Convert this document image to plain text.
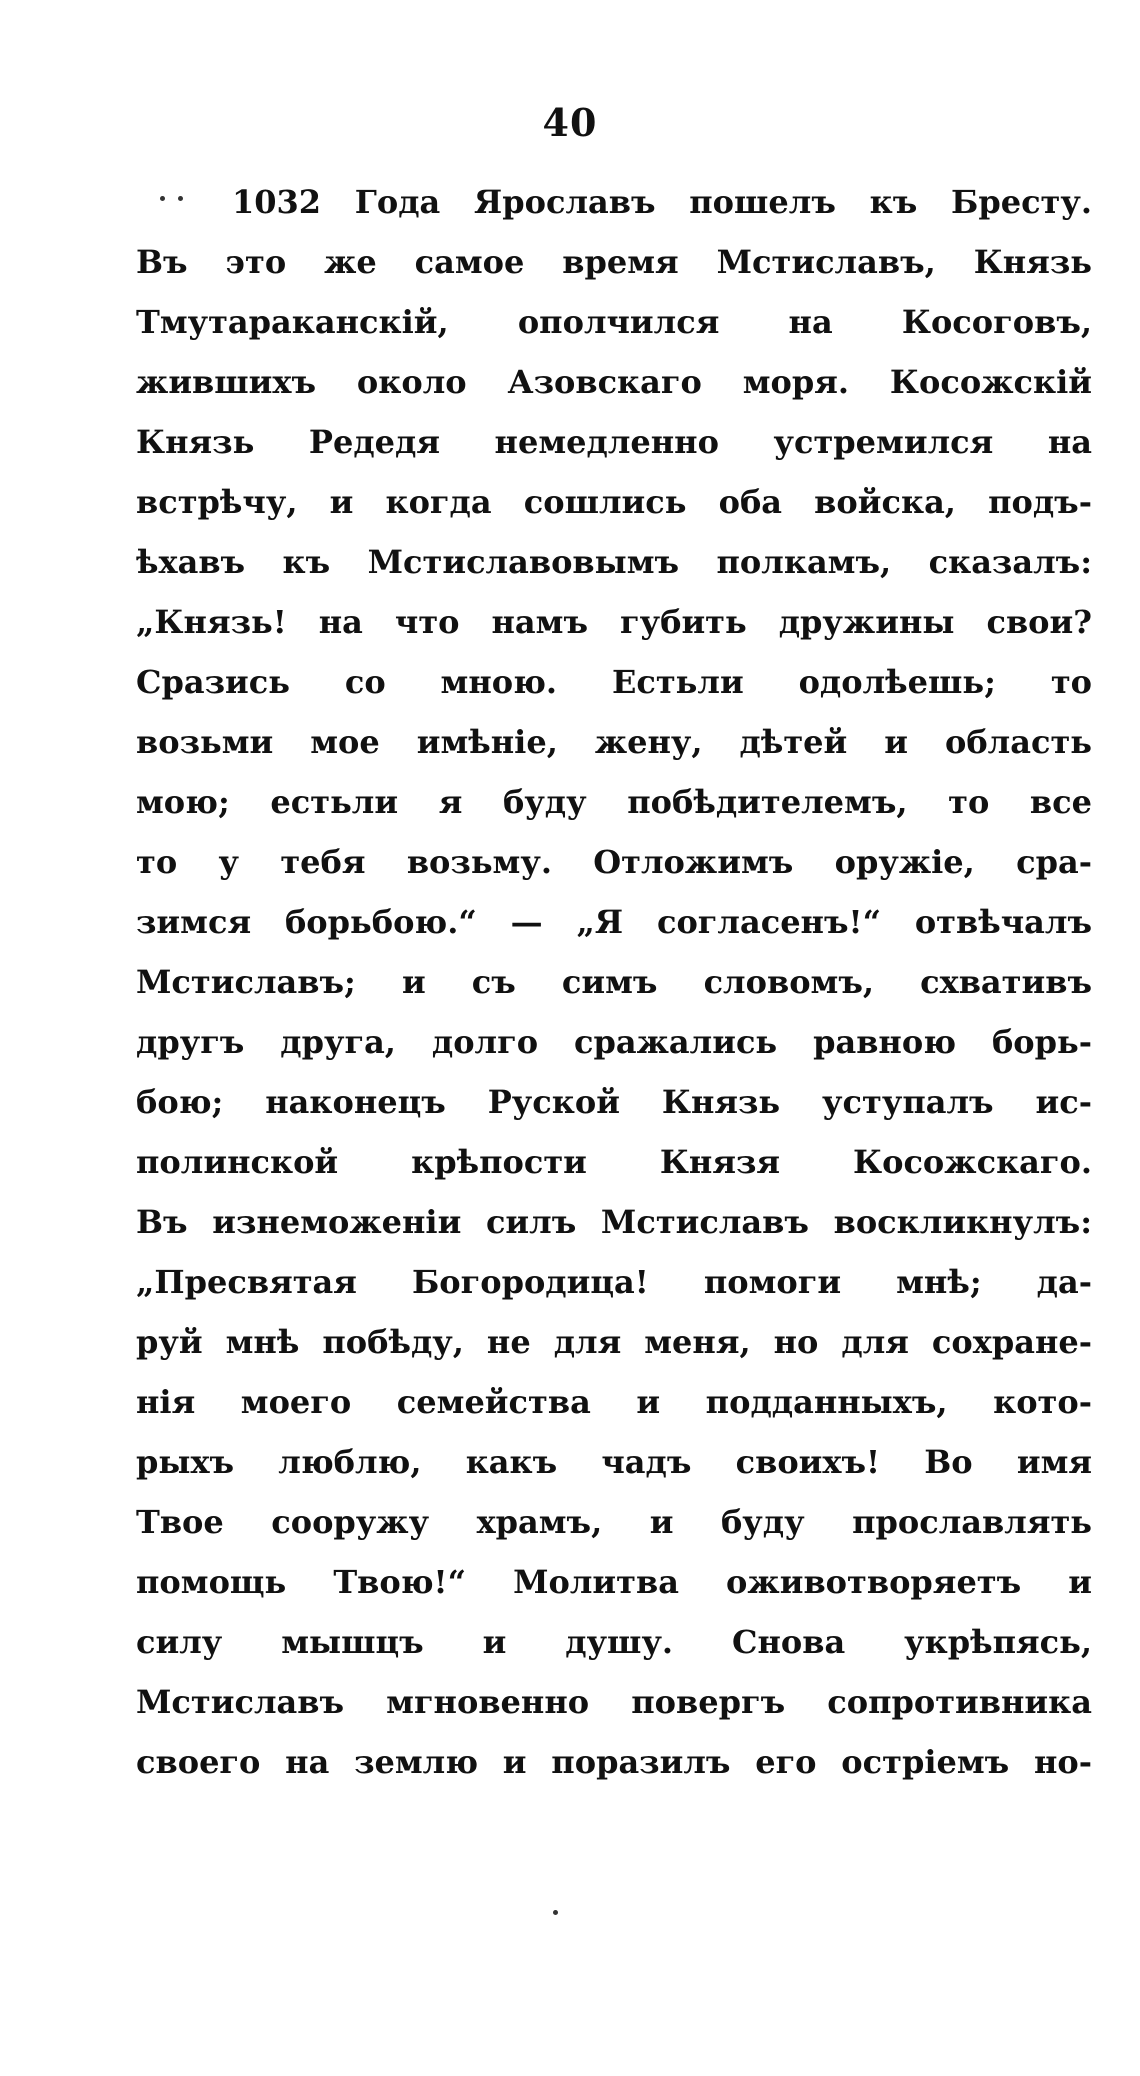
40
1032 Года Ярославъ пошелъ къ Бресту.
Въ это же самое время Мстиславъ, Князь
Тмутараканскій, ополчился на Косоговъ,
жившихъ около Азовскаго моря. Косожскій
Князь Редедя немедленно устремился на
встрѣчу, и когда сошлись оба войска, подъ-
ѣхавъ къ Мстиславовымъ полкамъ, сказалъ:
„Князь! на что намъ губить дружины свои?
Сразись со мною. Естьли одолѣешь; то
возьми мое имѣніе, жену, дѣтей и область
мою; естьли я буду побѣдителемъ, то все
то у тебя возьму. Отложимъ оружіе, сра-
зимся борьбою.“ — „Я согласенъ!“ отвѣчалъ
Мстиславъ; и съ симъ словомъ, схвативъ
другъ друга, долго сражались равною борь-
бою; наконецъ Руской Князь уступалъ ис-
полинской крѣпости Князя Косожскаго.
Въ изнеможеніи силъ Мстиславъ воскликнулъ:
„Пресвятая Богородица! помоги мнѣ; да-
руй мнѣ побѣду, не для меня, но для сохране-
нія моего семейства и подданныхъ, кото-
рыхъ люблю, какъ чадъ своихъ! Во имя
Твое сооружу храмъ, и буду прославлять
помощь Твою!“ Молитва оживотворяетъ и
силу мышцъ и душу. Снова укрѣпясь,
Мстиславъ мгновенно повергъ сопротивника
своего на землю и поразилъ его остріемъ но-
